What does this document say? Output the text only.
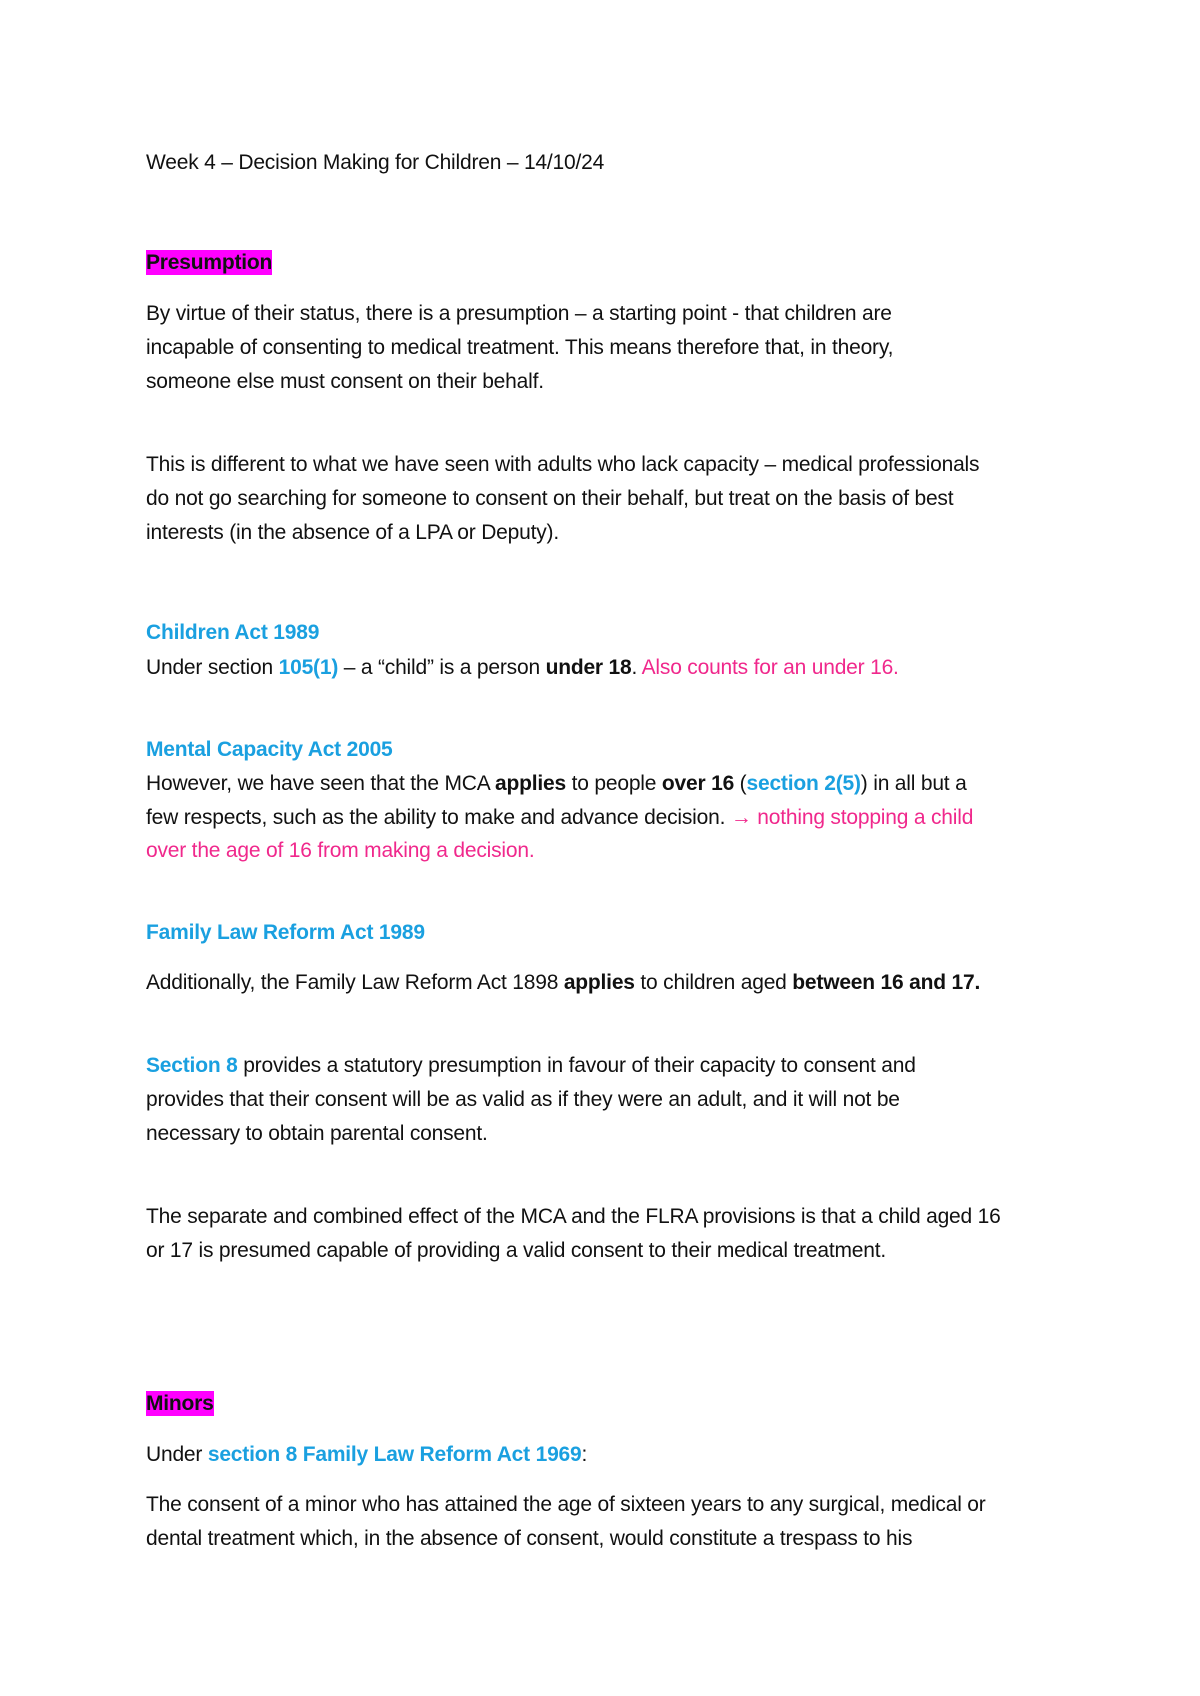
Week 4 – Decision Making for Children – 14/10/24
Presumption
By virtue of their status, there is a presumption – a starting point - that children are
incapable of consenting to medical treatment. This means therefore that, in theory,
someone else must consent on their behalf.
This is different to what we have seen with adults who lack capacity – medical professionals
do not go searching for someone to consent on their behalf, but treat on the basis of best
interests (in the absence of a LPA or Deputy).
Children Act 1989
Under section 105(1) – a “child” is a person under 18. Also counts for an under 16.
Mental Capacity Act 2005
However, we have seen that the MCA applies to people over 16 (section 2(5)) in all but a
few respects, such as the ability to make and advance decision. → nothing stopping a child
over the age of 16 from making a decision.
Family Law Reform Act 1989
Additionally, the Family Law Reform Act 1898 applies to children aged between 16 and 17.
Section 8 provides a statutory presumption in favour of their capacity to consent and
provides that their consent will be as valid as if they were an adult, and it will not be
necessary to obtain parental consent.
The separate and combined effect of the MCA and the FLRA provisions is that a child aged 16
or 17 is presumed capable of providing a valid consent to their medical treatment.
Minors
Under section 8 Family Law Reform Act 1969:
The consent of a minor who has attained the age of sixteen years to any surgical, medical or
dental treatment which, in the absence of consent, would constitute a trespass to his
